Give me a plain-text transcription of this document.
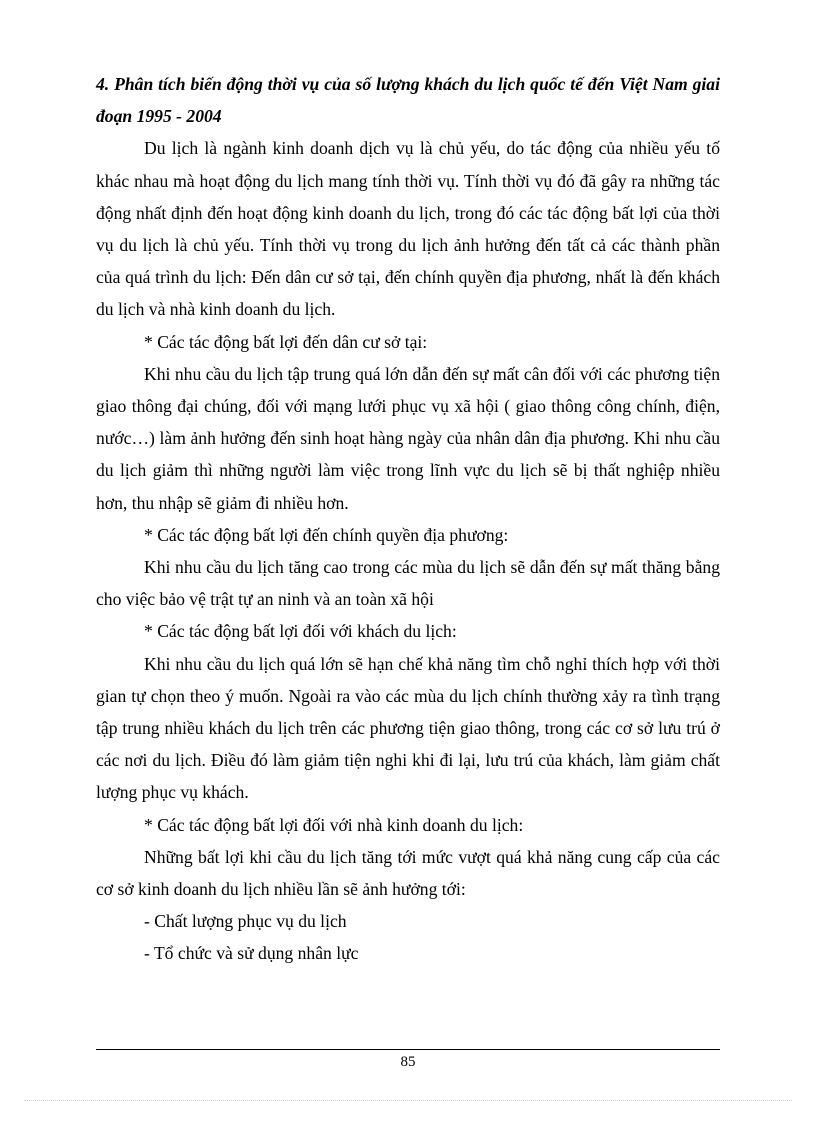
4. Phân tích biến động thời vụ của số lượng khách du lịch quốc tế đến Việt Nam giai đoạn 1995 - 2004

Du lịch là ngành kinh doanh dịch vụ là chủ yếu, do tác động của nhiều yếu tố khác nhau mà hoạt động du lịch mang tính thời vụ. Tính thời vụ đó đã gây ra những tác động nhất định đến hoạt động kinh doanh du lịch, trong đó các tác động bất lợi của thời vụ du lịch là chủ yếu. Tính thời vụ trong du lịch ảnh hưởng đến tất cả các thành phần của quá trình du lịch: Đến dân cư sở tại, đến chính quyền địa phương, nhất là đến khách du lịch và nhà kinh doanh du lịch.

* Các tác động bất lợi đến dân cư sở tại:

Khi nhu cầu du lịch tập trung quá lớn dẫn đến sự mất cân đối với các phương tiện giao thông đại chúng, đối với mạng lưới phục vụ xã hội ( giao thông công chính, điện, nước…) làm ảnh hưởng đến sinh hoạt hàng ngày của nhân dân địa phương. Khi nhu cầu du lịch giảm thì những người làm việc trong lĩnh vực du lịch sẽ bị thất nghiệp nhiều hơn, thu nhập sẽ giảm đi nhiều hơn.

* Các tác động bất lợi đến chính quyền địa phương:

Khi nhu cầu du lịch tăng cao trong các mùa du lịch sẽ dẫn đến sự mất thăng bằng cho việc bảo vệ trật tự an ninh và an toàn xã hội

* Các tác động bất lợi đối với khách du lịch:

Khi nhu cầu du lịch quá lớn sẽ hạn chế khả năng tìm chỗ nghỉ thích hợp với thời gian tự chọn theo ý muốn. Ngoài ra vào các mùa du lịch chính thường xảy ra tình trạng tập trung nhiều khách du lịch trên các phương tiện giao thông, trong các cơ sở lưu trú ở các nơi du lịch. Điều đó làm giảm tiện nghi khi đi lại, lưu trú của khách, làm giảm chất lượng phục vụ khách.

* Các tác động bất lợi đối với nhà kinh doanh du lịch:

Những bất lợi khi cầu du lịch tăng tới mức vượt quá khả năng cung cấp của các cơ sở kinh doanh du lịch nhiều lần sẽ ảnh hưởng tới:

- Chất lượng phục vụ du lịch

- Tổ chức và sử dụng nhân lực

85
